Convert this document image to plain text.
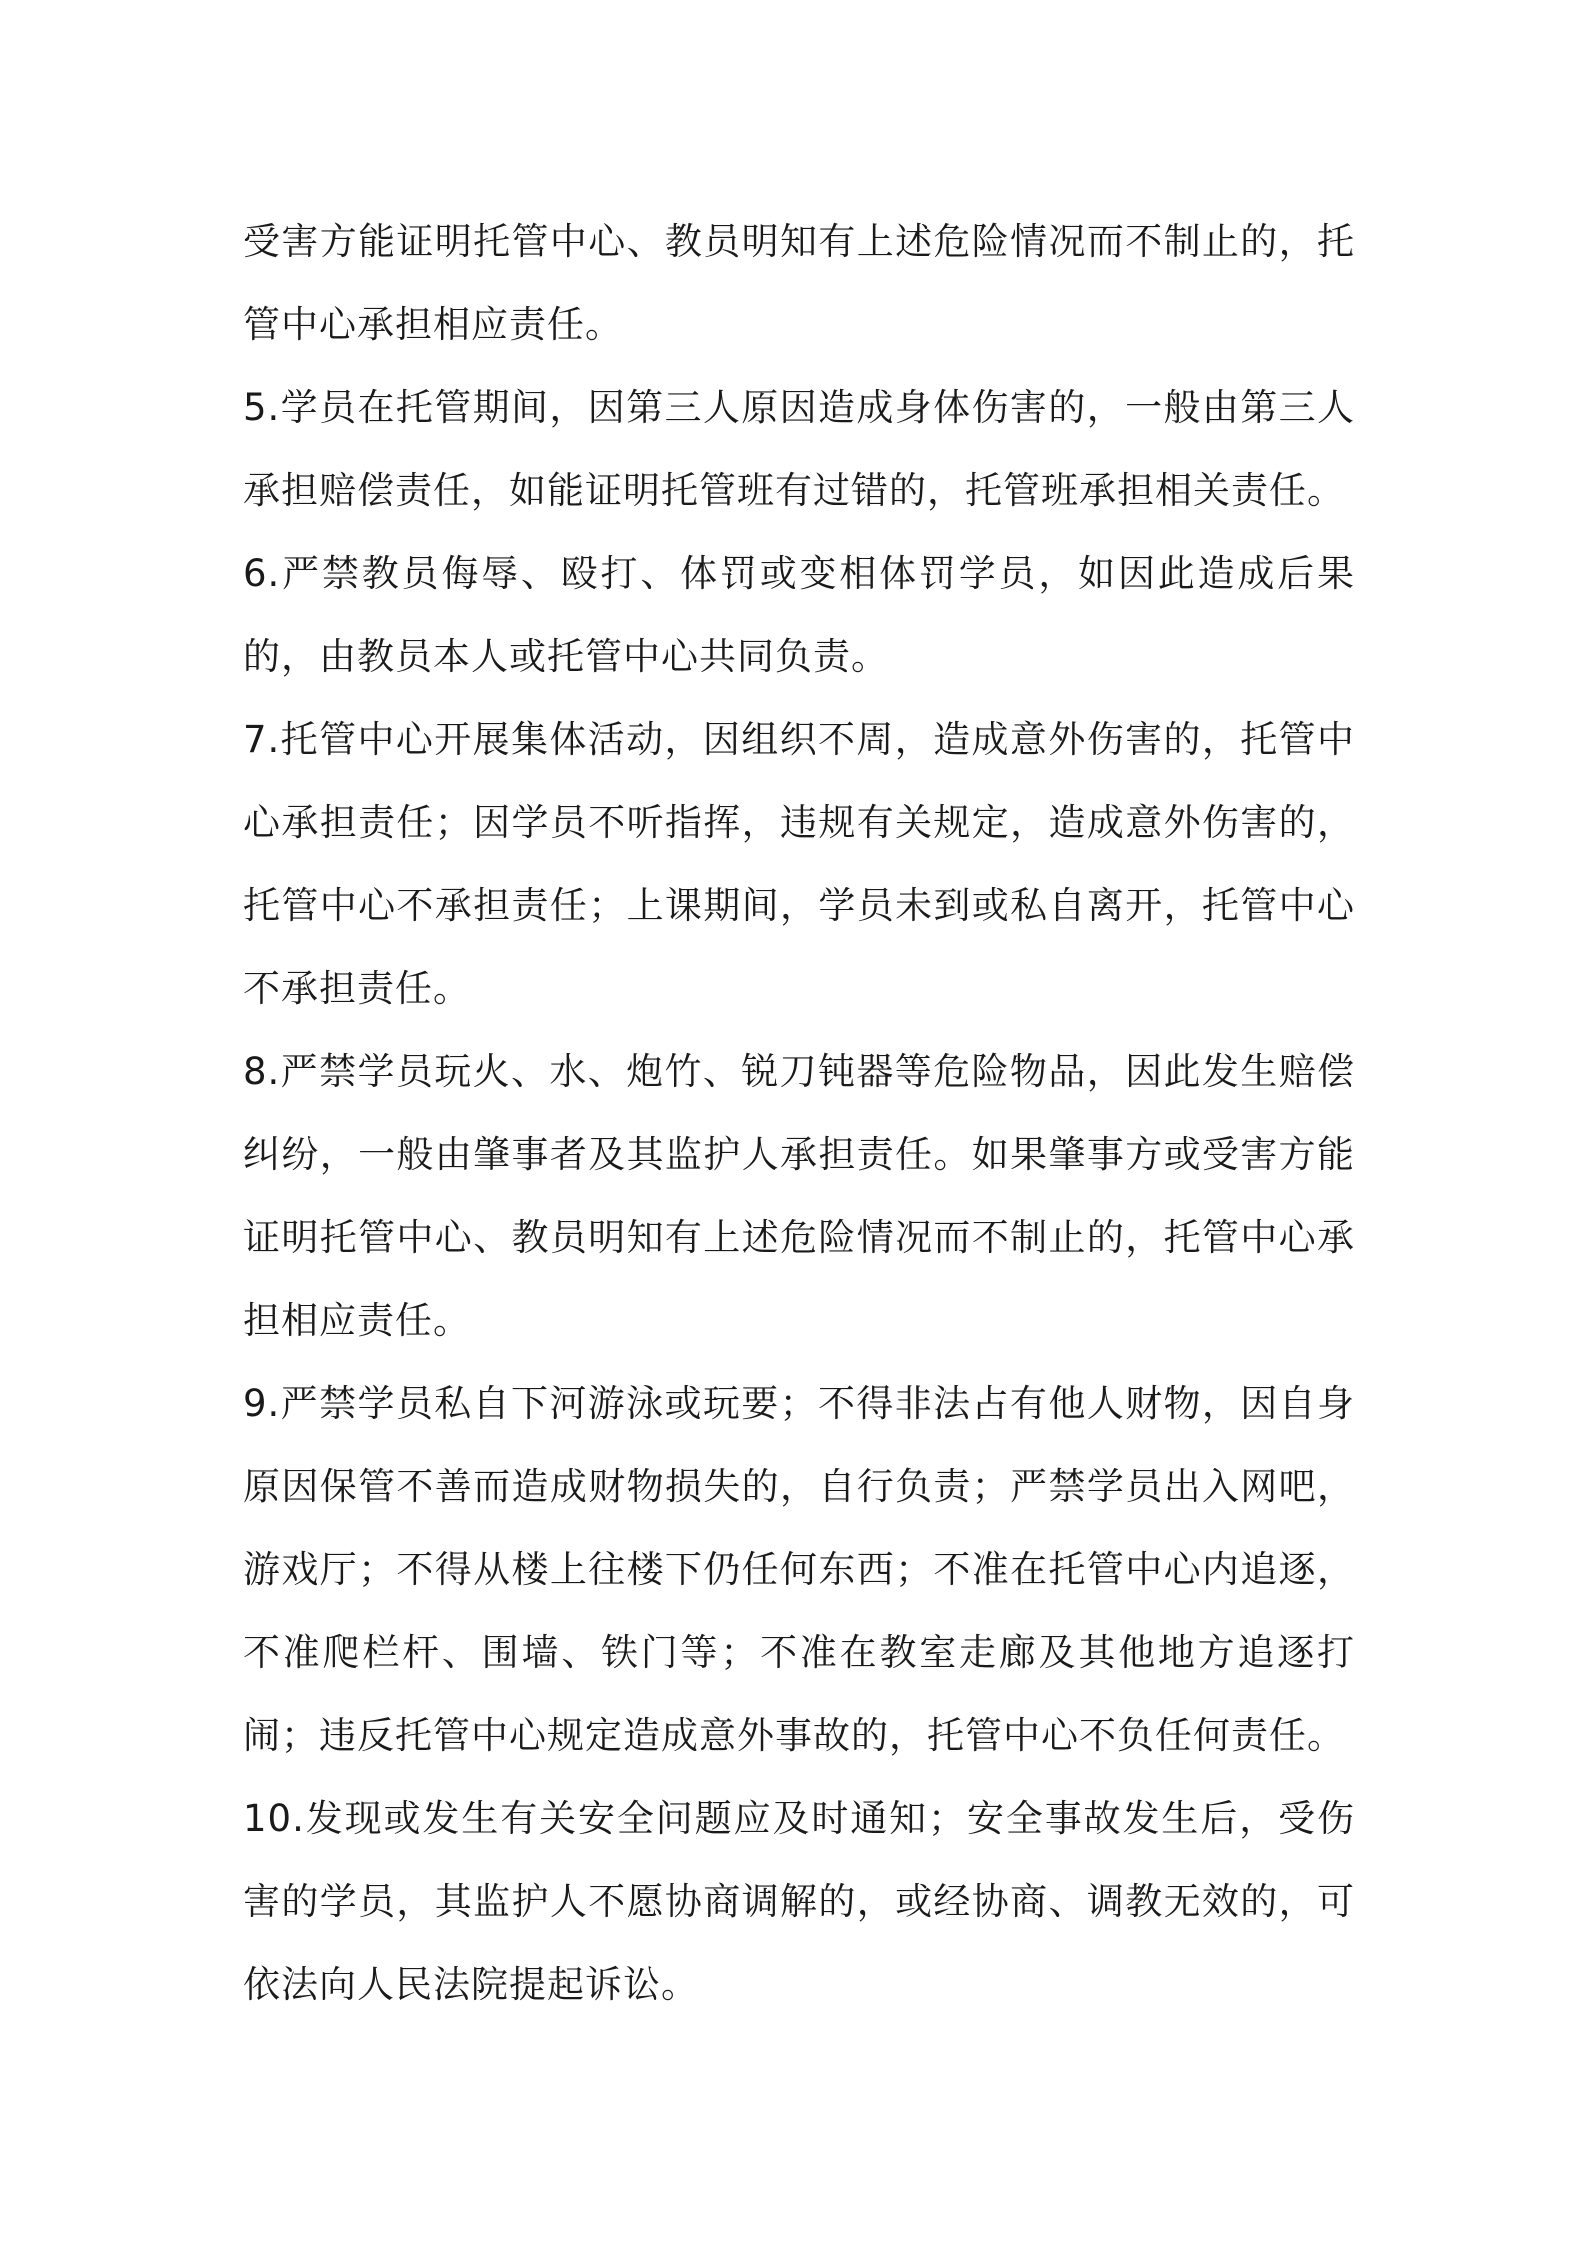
受害方能证明托管中心、教员明知有上述危险情况而不制止的，托管中心承担相应责任。

5.学员在托管期间，因第三人原因造成身体伤害的，一般由第三人承担赔偿责任，如能证明托管班有过错的，托管班承担相关责任。

6.严禁教员侮辱、殴打、体罚或变相体罚学员，如因此造成后果的，由教员本人或托管中心共同负责。

7.托管中心开展集体活动，因组织不周，造成意外伤害的，托管中心承担责任；因学员不听指挥，违规有关规定，造成意外伤害的，托管中心不承担责任；上课期间，学员未到或私自离开，托管中心不承担责任。

8.严禁学员玩火、水、炮竹、锐刀钝器等危险物品，因此发生赔偿纠纷，一般由肇事者及其监护人承担责任。如果肇事方或受害方能证明托管中心、教员明知有上述危险情况而不制止的，托管中心承担相应责任。

9.严禁学员私自下河游泳或玩要；不得非法占有他人财物，因自身原因保管不善而造成财物损失的，自行负责；严禁学员出入网吧，游戏厅；不得从楼上往楼下仍任何东西；不准在托管中心内追逐，不准爬栏杆、围墙、铁门等；不准在教室走廊及其他地方追逐打闹；违反托管中心规定造成意外事故的，托管中心不负任何责任。

10.发现或发生有关安全问题应及时通知；安全事故发生后，受伤害的学员，其监护人不愿协商调解的，或经协商、调教无效的，可依法向人民法院提起诉讼。
